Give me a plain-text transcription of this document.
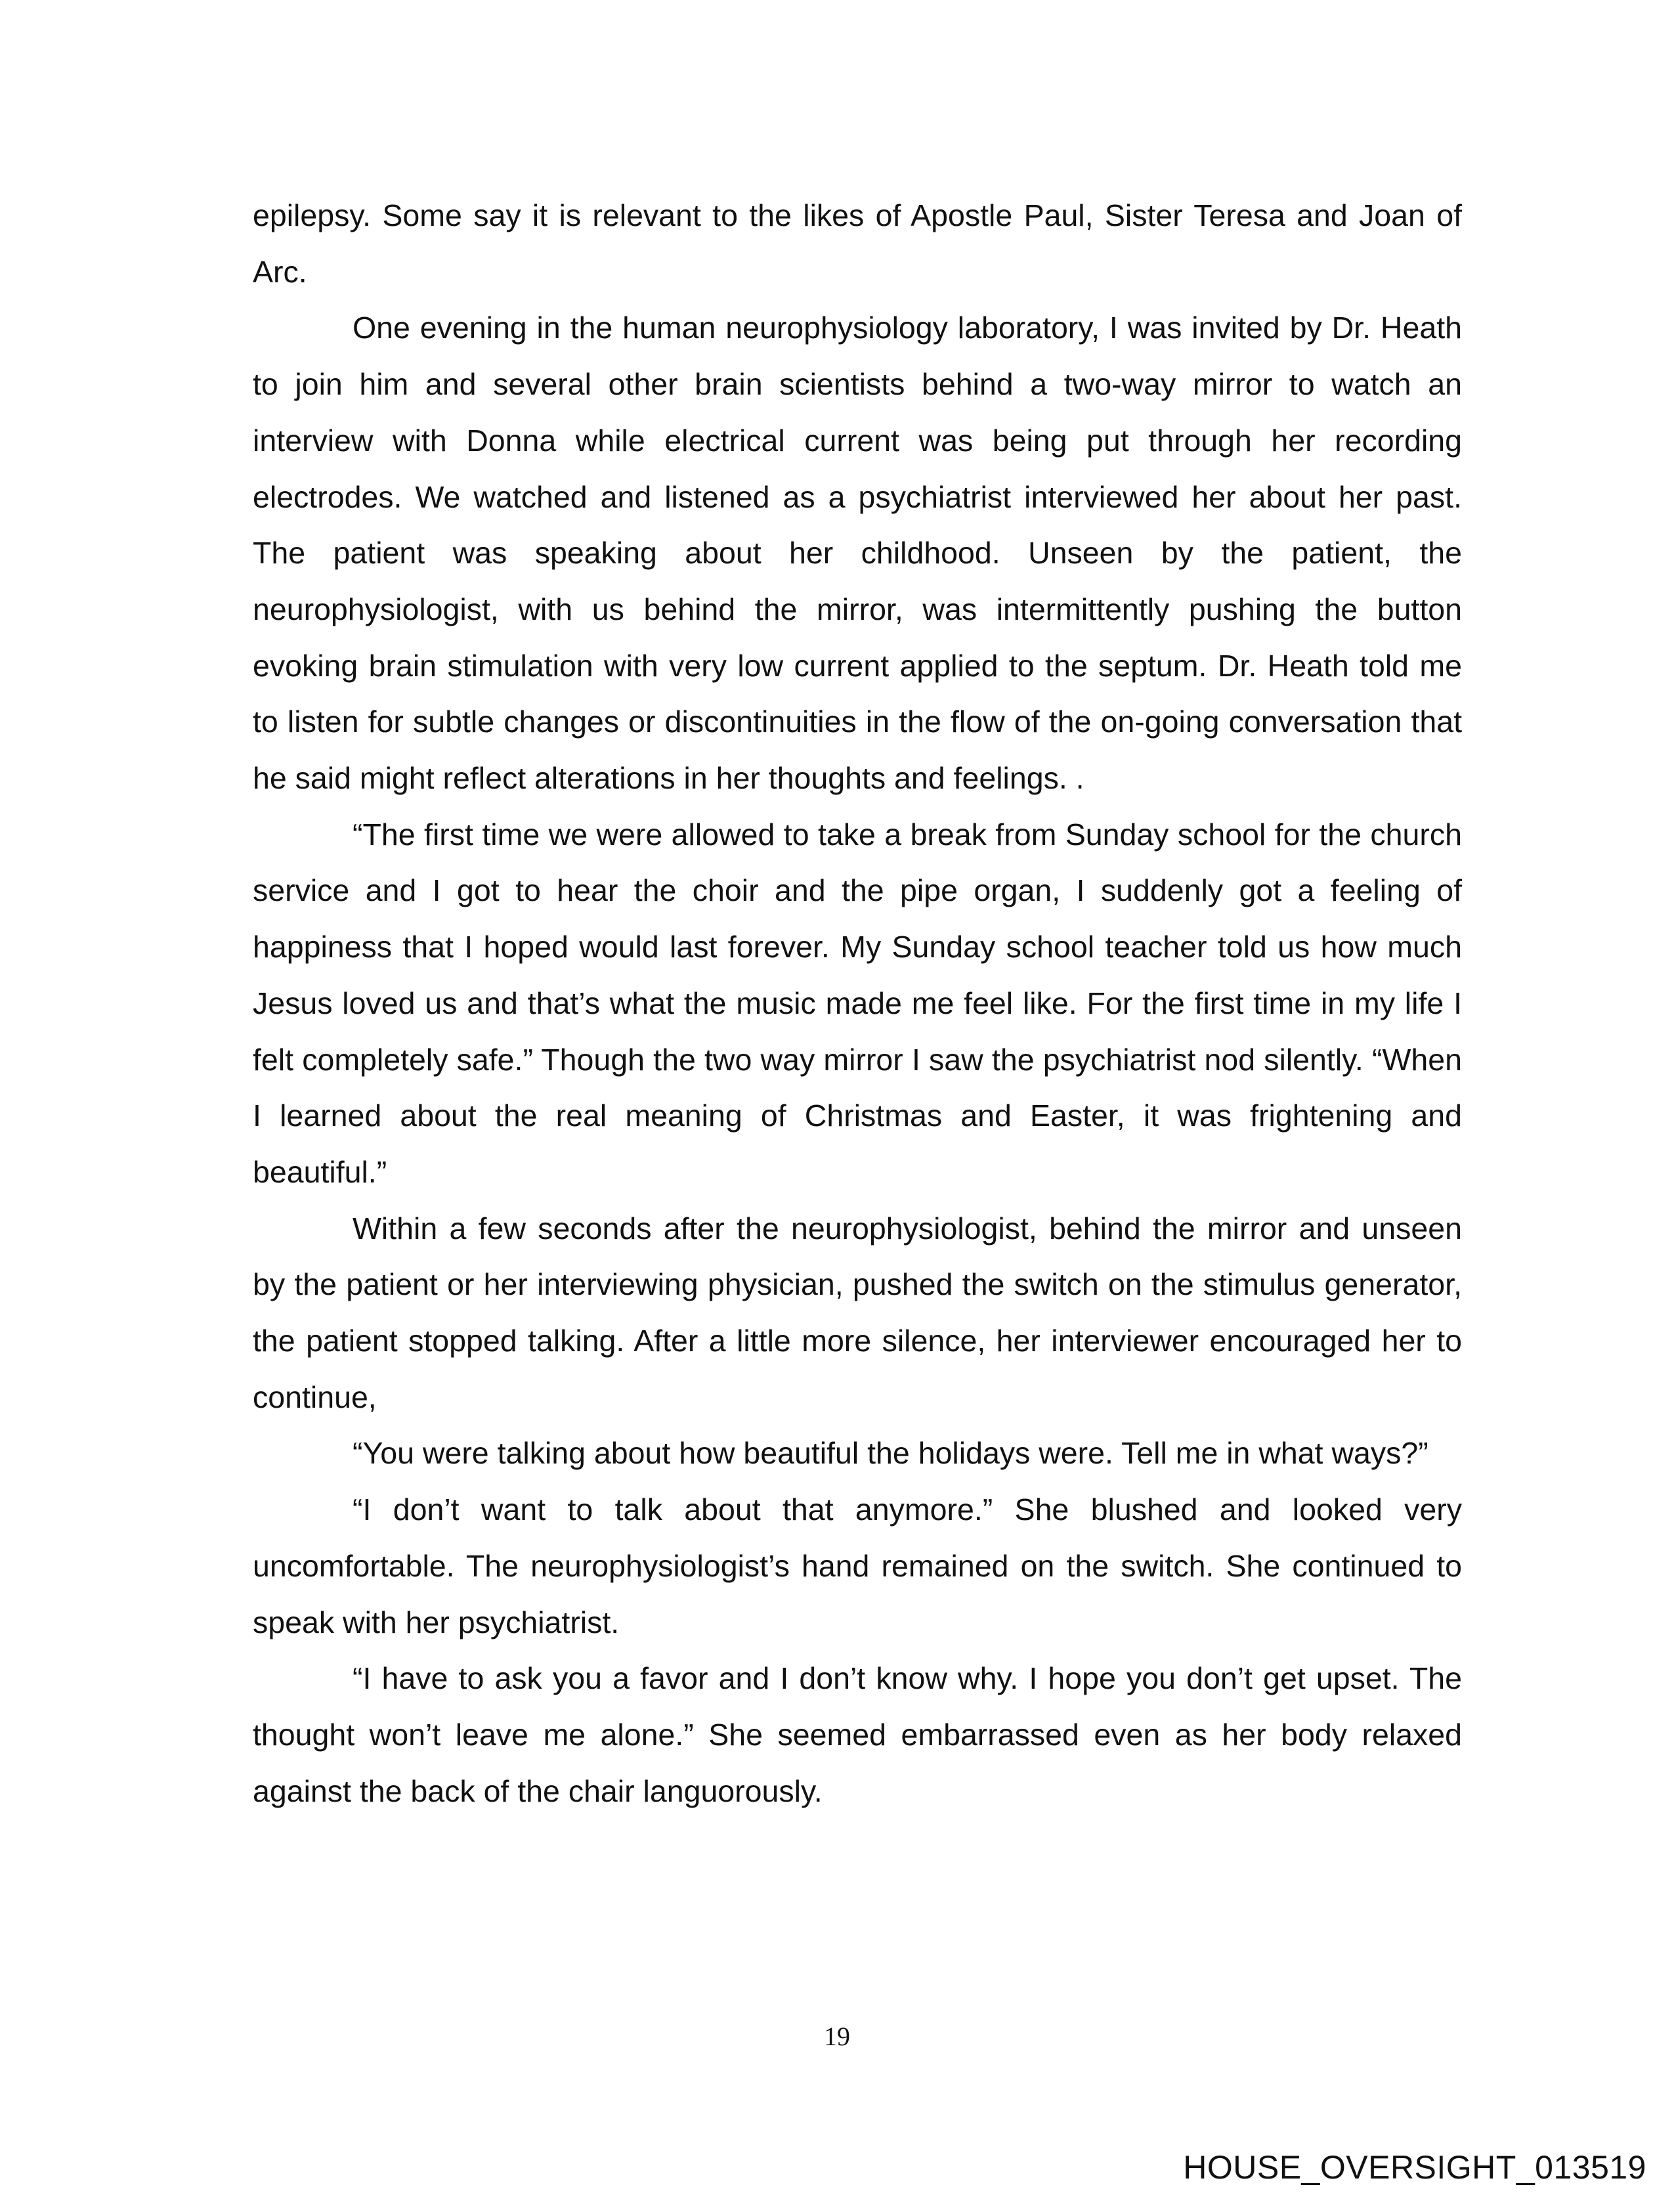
epilepsy. Some say it is relevant to the likes of Apostle Paul, Sister Teresa and Joan of Arc.

One evening in the human neurophysiology laboratory, I was invited by Dr. Heath to join him and several other brain scientists behind a two-way mirror to watch an interview with Donna while electrical current was being put through her recording electrodes. We watched and listened as a psychiatrist interviewed her about her past. The patient was speaking about her childhood. Unseen by the patient, the neurophysiologist, with us behind the mirror, was intermittently pushing the button evoking brain stimulation with very low current applied to the septum. Dr. Heath told me to listen for subtle changes or discontinuities in the flow of the on-going conversation that he said might reflect alterations in her thoughts and feelings. .

“The first time we were allowed to take a break from Sunday school for the church service and I got to hear the choir and the pipe organ, I suddenly got a feeling of happiness that I hoped would last forever. My Sunday school teacher told us how much Jesus loved us and that’s what the music made me feel like. For the first time in my life I felt completely safe.” Though the two way mirror I saw the psychiatrist nod silently. “When I learned about the real meaning of Christmas and Easter, it was frightening and beautiful.”

Within a few seconds after the neurophysiologist, behind the mirror and unseen by the patient or her interviewing physician, pushed the switch on the stimulus generator, the patient stopped talking. After a little more silence, her interviewer encouraged her to continue,

“You were talking about how beautiful the holidays were. Tell me in what ways?”

“I don’t want to talk about that anymore.” She blushed and looked very uncomfortable. The neurophysiologist’s hand remained on the switch. She continued to speak with her psychiatrist.

“I have to ask you a favor and I don’t know why. I hope you don’t get upset. The thought won’t leave me alone.” She seemed embarrassed even as her body relaxed against the back of the chair languorously.

19
HOUSE_OVERSIGHT_013519
